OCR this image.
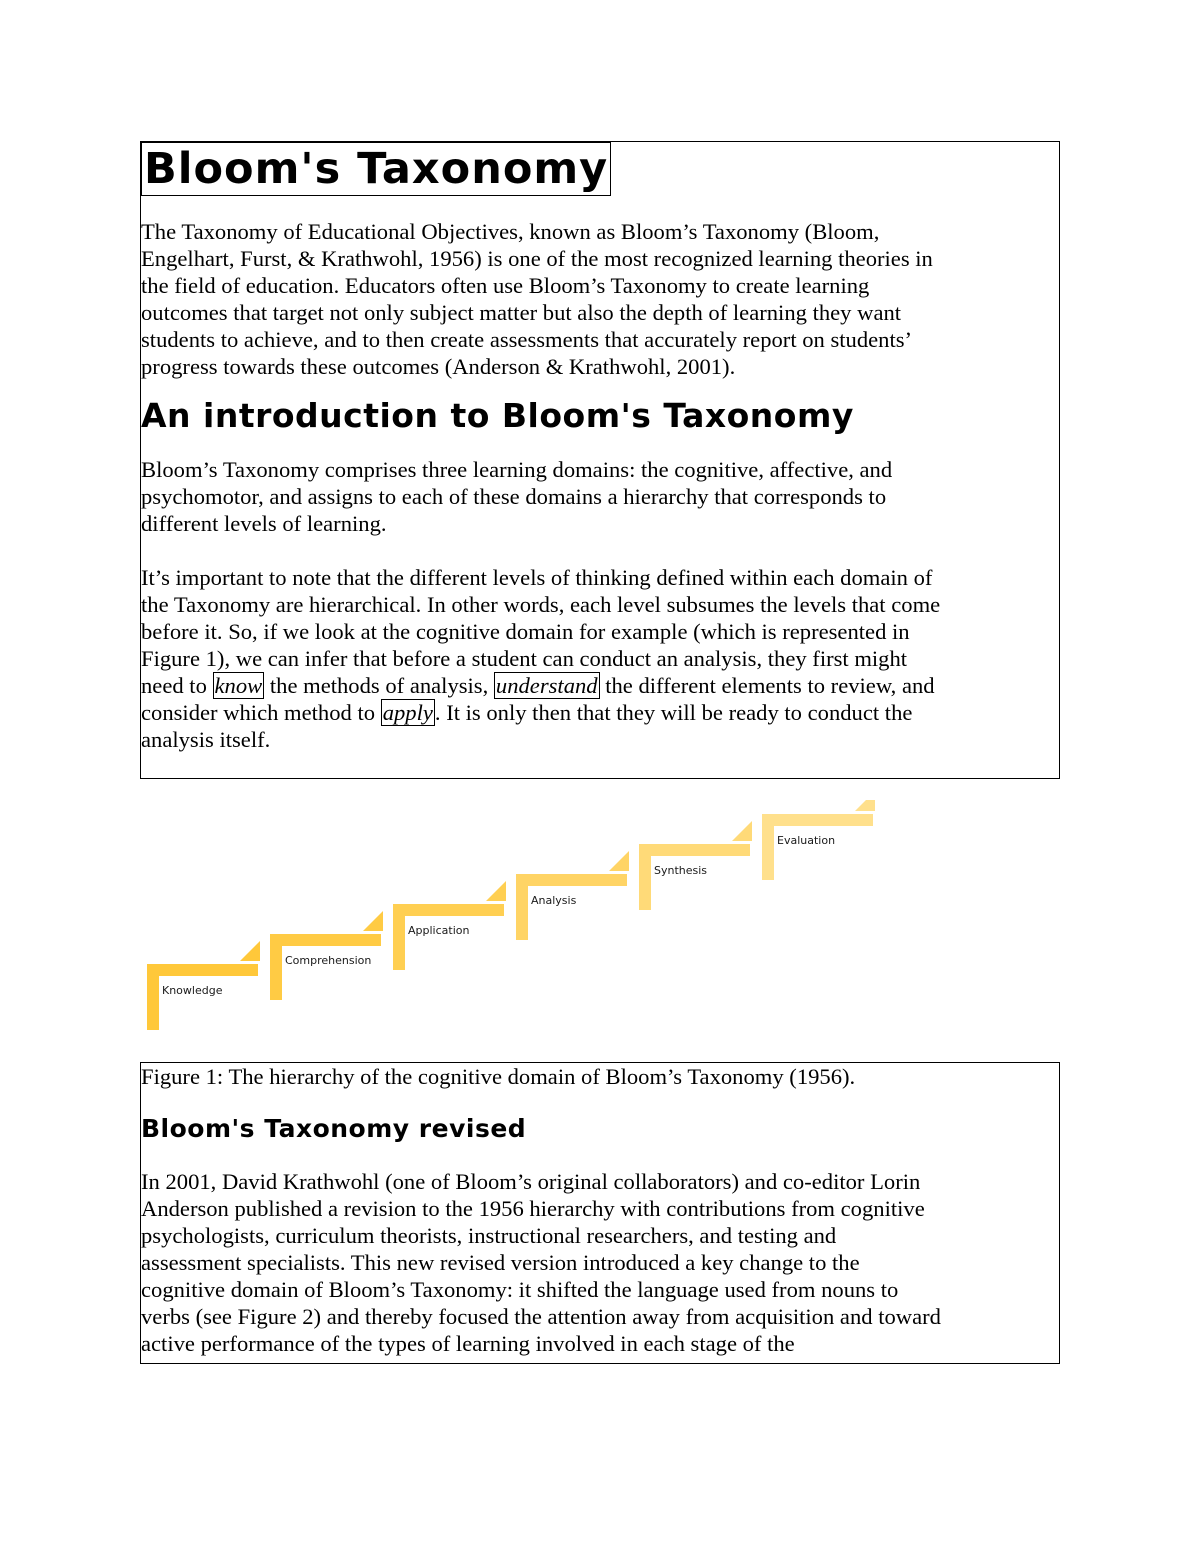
Bloom's Taxonomy
The Taxonomy of Educational Objectives, known as Bloom’s Taxonomy (Bloom,
Engelhart, Furst, & Krathwohl, 1956) is one of the most recognized learning theories in
the field of education. Educators often use Bloom’s Taxonomy to create learning
outcomes that target not only subject matter but also the depth of learning they want
students to achieve, and to then create assessments that accurately report on students’
progress towards these outcomes (Anderson & Krathwohl, 2001).
An introduction to Bloom's Taxonomy
Bloom’s Taxonomy comprises three learning domains: the cognitive, affective, and
psychomotor, and assigns to each of these domains a hierarchy that corresponds to
different levels of learning.
It’s important to note that the different levels of thinking defined within each domain of
the Taxonomy are hierarchical. In other words, each level subsumes the levels that come
before it. So, if we look at the cognitive domain for example (which is represented in
Figure 1), we can infer that before a student can conduct an analysis, they first might
need to know the methods of analysis, understand the different elements to review, and
consider which method to apply. It is only then that they will be ready to conduct the
analysis itself.
Knowledge
Comprehension
Application
Analysis
Synthesis
Evaluation
Figure 1: The hierarchy of the cognitive domain of Bloom’s Taxonomy (1956).
Bloom's Taxonomy revised
In 2001, David Krathwohl (one of Bloom’s original collaborators) and co-editor Lorin
Anderson published a revision to the 1956 hierarchy with contributions from cognitive
psychologists, curriculum theorists, instructional researchers, and testing and
assessment specialists. This new revised version introduced a key change to the
cognitive domain of Bloom’s Taxonomy: it shifted the language used from nouns to
verbs (see Figure 2) and thereby focused the attention away from acquisition and toward
active performance of the types of learning involved in each stage of the
